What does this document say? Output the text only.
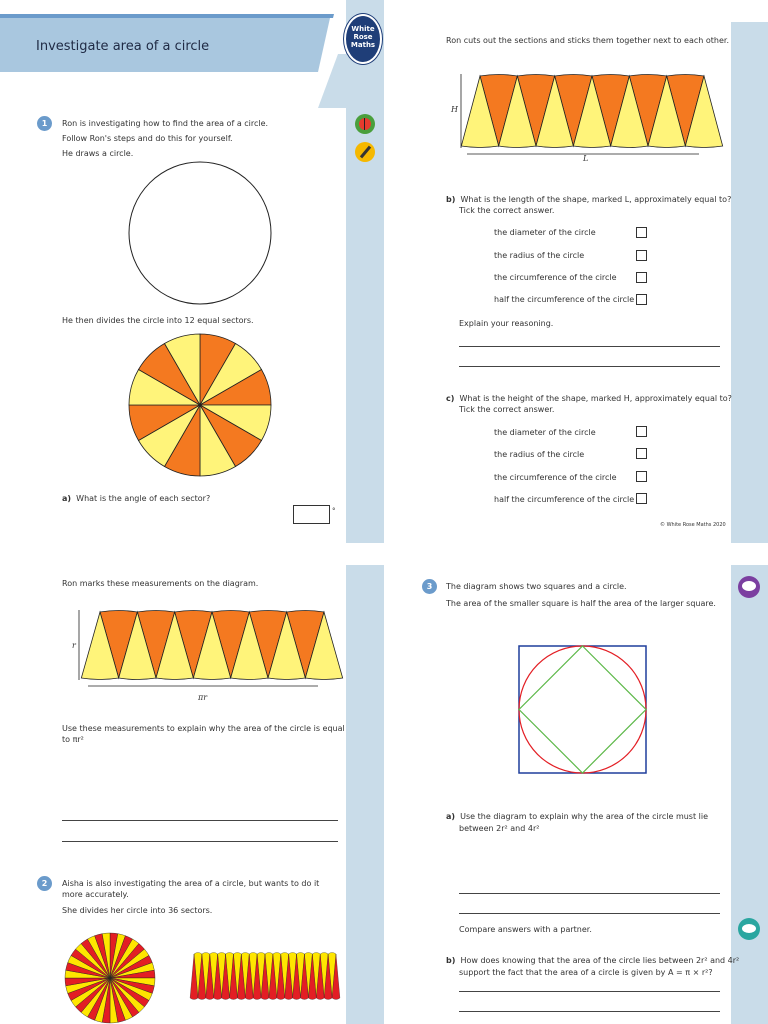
Investigate area of a circle
White
Rose
Maths
1	Ron is investigating how to find the area of a circle.
Follow Ron's steps and do this for yourself.
He draws a circle.
He then divides the circle into 12 equal sectors.
a) What is the angle of each sector?
°
Ron cuts out the sections and sticks them together next to each other.
H
L
b) What is the length of the shape, marked L, approximately equal to?
Tick the correct answer.
the diameter of the circle
the radius of the circle
the circumference of the circle
half the circumference of the circle
Explain your reasoning.
c) What is the height of the shape, marked H, approximately equal to?
Tick the correct answer.
the diameter of the circle
the radius of the circle
the circumference of the circle
half the circumference of the circle
© White Rose Maths 2020
Ron marks these measurements on the diagram.
r
πr
Use these measurements to explain why the area of the circle is equal
to πr²
2	Aisha is also investigating the area of a circle, but wants to do it
more accurately.
She divides her circle into 36 sectors.
3	The diagram shows two squares and a circle.
The area of the smaller square is half the area of the larger square.
a) Use the diagram to explain why the area of the circle must lie
between 2r² and 4r²
Compare answers with a partner.
b) How does knowing that the area of the circle lies between 2r² and 4r²
support the fact that the area of a circle is given by A = π × r²?
